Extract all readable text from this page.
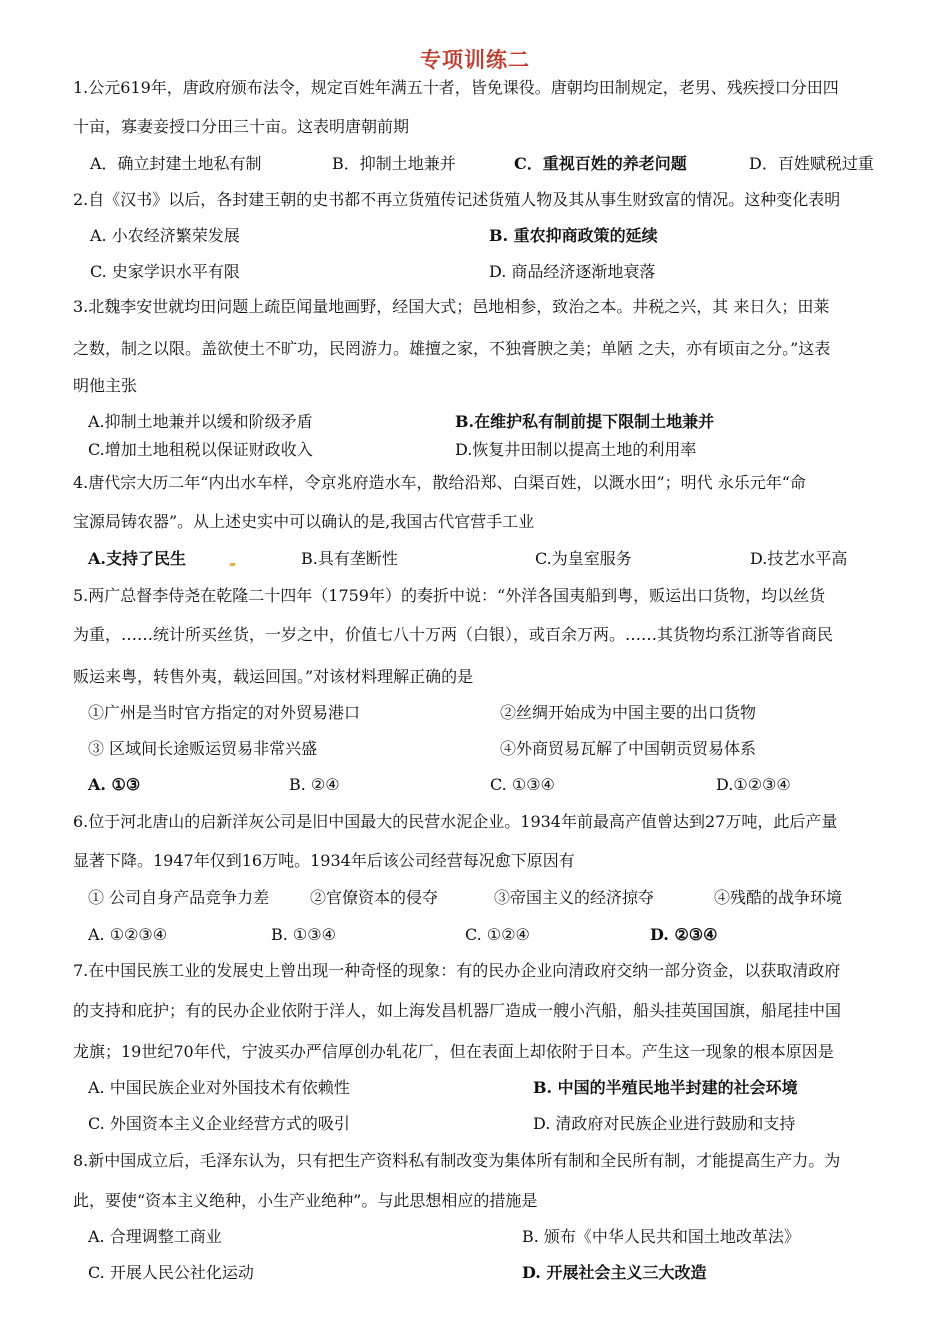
专项训练二
1.公元619年，唐政府颁布法令，规定百姓年满五十者，皆免课役。唐朝均田制规定，老男、残疾授口分田四
十亩，寡妻妾授口分田三十亩。这表明唐朝前期
A．确立封建土地私有制	B．抑制土地兼并	C．重视百姓的养老问题	D．百姓赋税过重
2.自《汉书》以后，各封建王朝的史书都不再立货殖传记述货殖人物及其从事生财致富的情况。这种变化表明
A. 小农经济繁荣发展	B. 重农抑商政策的延续
C. 史家学识水平有限	D. 商品经济逐渐地衰落
3.北魏李安世就均田问题上疏臣闻量地画野，经国大式；邑地相参，致治之本。井税之兴，其 来日久；田莱
之数，制之以限。盖欲使土不旷功，民罔游力。雄擅之家，不独膏腴之美；单陋 之夫，亦有顷亩之分。”这表
明他主张
A.抑制土地兼并以缓和阶级矛盾	B.在维护私有制前提下限制土地兼并
C.增加土地租税以保证财政收入	D.恢复井田制以提高土地的利用率
4.唐代宗大历二年“内出水车样，令京兆府造水车，散给沿郑、白渠百姓，以溉水田”；明代 永乐元年“命
宝源局铸农器”。从上述史实中可以确认的是,我国古代官营手工业
A.支持了民生	B.具有垄断性	C.为皇室服务	D.技艺水平高
5.两广总督李侍尧在乾隆二十四年（1759年）的奏折中说：“外洋各国夷船到粤，贩运出口货物，均以丝货
为重，……统计所买丝货，一岁之中，价值七八十万两（白银），或百余万两。……其货物均系江浙等省商民
贩运来粤，转售外夷，载运回国。”对该材料理解正确的是
①广州是当时官方指定的对外贸易港口	②丝绸开始成为中国主要的出口货物
③ 区域间长途贩运贸易非常兴盛	④外商贸易瓦解了中国朝贡贸易体系
A. ①③	B. ②④	C. ①③④	D.①②③④
6.位于河北唐山的启新洋灰公司是旧中国最大的民营水泥企业。1934年前最高产值曾达到27万吨，此后产量
显著下降。1947年仅到16万吨。1934年后该公司经营每况愈下原因有
① 公司自身产品竞争力差	②官僚资本的侵夺	③帝国主义的经济掠夺	④残酷的战争环境
A. ①②③④	B. ①③④	C. ①②④	D. ②③④
7.在中国民族工业的发展史上曾出现一种奇怪的现象：有的民办企业向清政府交纳一部分资金，以获取清政府
的支持和庇护；有的民办企业依附于洋人，如上海发昌机器厂造成一艘小汽船，船头挂英国国旗，船尾挂中国
龙旗；19世纪70年代，宁波买办严信厚创办轧花厂，但在表面上却依附于日本。产生这一现象的根本原因是
A. 中国民族企业对外国技术有依赖性	B. 中国的半殖民地半封建的社会环境
C. 外国资本主义企业经营方式的吸引	D. 清政府对民族企业进行鼓励和支持
8.新中国成立后，毛泽东认为，只有把生产资料私有制改变为集体所有制和全民所有制，才能提高生产力。为
此，要使“资本主义绝种，小生产业绝种”。与此思想相应的措施是
A. 合理调整工商业	B. 颁布《中华人民共和国土地改革法》
C. 开展人民公社化运动	D. 开展社会主义三大改造
